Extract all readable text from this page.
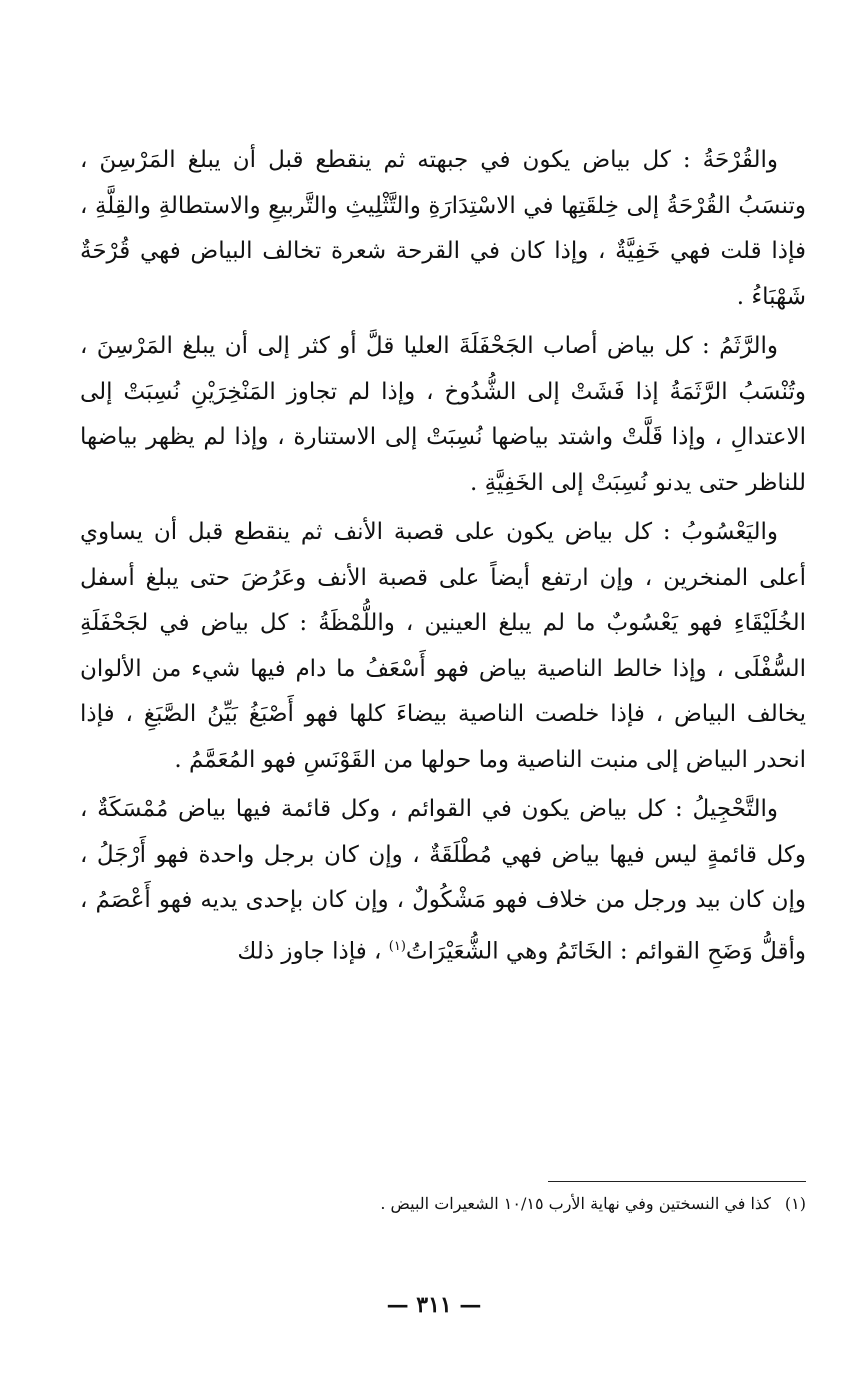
والقُرْحَةُ : كل بياض يكون في جبهته ثم ينقطع قبل أن يبلغ المَرْسِنَ ، وتنسَبُ القُرْحَةُ إلى خِلقَتِها في الاسْتِدَارَةِ والتَّثْلِيثِ والتَّربيعِ والاستطالةِ والقِلَّةِ ، فإذا قلت فهي خَفِيَّةٌ ، وإذا كان في القرحة شعرة تخالف البياض فهي قُرْحَةٌ شَهْبَاءُ .

والرَّثَمُ : كل بياض أصاب الجَحْفَلَةَ العليا قلَّ أو كثر إلى أن يبلغ المَرْسِنَ ، وتُنْسَبُ الرَّثَمَةُ إذا فَشَتْ إلى الشُّدُوخ ، وإذا لم تجاوز المَنْخِرَيْنِ نُسِبَتْ إلى الاعتدالِ ، وإذا قَلَّتْ واشتد بياضها نُسِبَتْ إلى الاستنارة ، وإذا لم يظهر بياضها للناظر حتى يدنو نُسِبَتْ إلى الخَفِيَّةِ .

واليَعْسُوبُ : كل بياض يكون على قصبة الأنف ثم ينقطع قبل أن يساوي أعلى المنخرين ، وإن ارتفع أيضاً على قصبة الأنف وعَرُضَ حتى يبلغ أسفل الخُلَيْقَاءِ فهو يَعْسُوبٌ ما لم يبلغ العينين ، واللُّمْظَةُ : كل بياض في لجَحْفَلَةِ السُّفْلَى ، وإذا خالط الناصية بياض فهو أَسْعَفُ ما دام فيها شيء من الألوان يخالف البياض ، فإذا خلصت الناصية بيضاءَ كلها فهو أَصْبَغُ بَيِّنُ الصَّبَغِ ، فإذا انحدر البياض إلى منبت الناصية وما حولها من القَوْنَسِ فهو المُعَمَّمُ .

والتَّحْجِيلُ : كل بياض يكون في القوائم ، وكل قائمة فيها بياض مُمْسَكَةٌ ، وكل قائمةٍ ليس فيها بياض فهي مُطْلَقَةٌ ، وإن كان برجل واحدة فهو أَرْجَلُ ، وإن كان بيد ورجل من خلاف فهو مَشْكُولٌ ، وإن كان بإحدى يديه فهو أَعْصَمُ ، وأقلُّ وَضَحِ القوائم : الخَاتَمُ وهي الشُّعَيْرَاتُ$^{(١)}$ ، فإذا جاوز ذلك

(١)كذا في النسختين وفي نهاية الأرب ١٠/١٥ الشعيرات البيض .
— ٣١١ —
